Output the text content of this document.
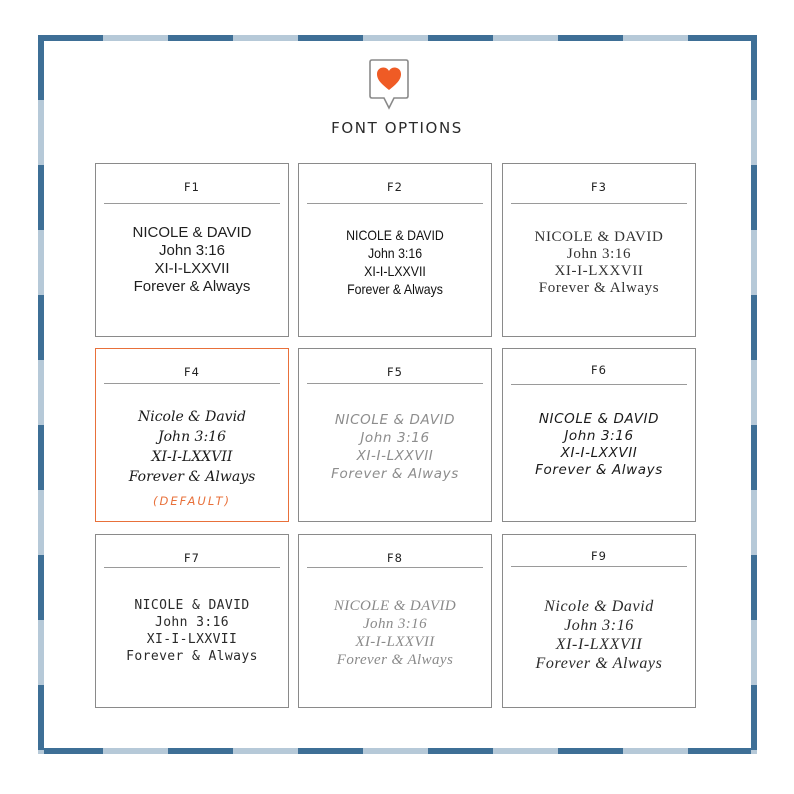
FONT OPTIONS
F1
NICOLE & DAVID
John 3:16
XI-I-LXXVII
Forever & Always
F2
NICOLE & DAVID
John 3:16
XI-I-LXXVII
Forever & Always
F3
NICOLE & DAVID
John 3:16
XI-I-LXXVII
Forever & Always
F4
Nicole & David
John 3:16
XI-I-LXXVII
Forever & Always
(DEFAULT)
F5
NICOLE & DAVID
John 3:16
XI-I-LXXVII
Forever & Always
F6
NICOLE & DAVID
John 3:16
XI-I-LXXVII
Forever & Always
F7
NICOLE & DAVID
John 3:16
XI-I-LXXVII
Forever & Always
F8
NICOLE & DAVID
John 3:16
XI-I-LXXVII
Forever & Always
F9
Nicole & David
John 3:16
XI-I-LXXVII
Forever & Always
